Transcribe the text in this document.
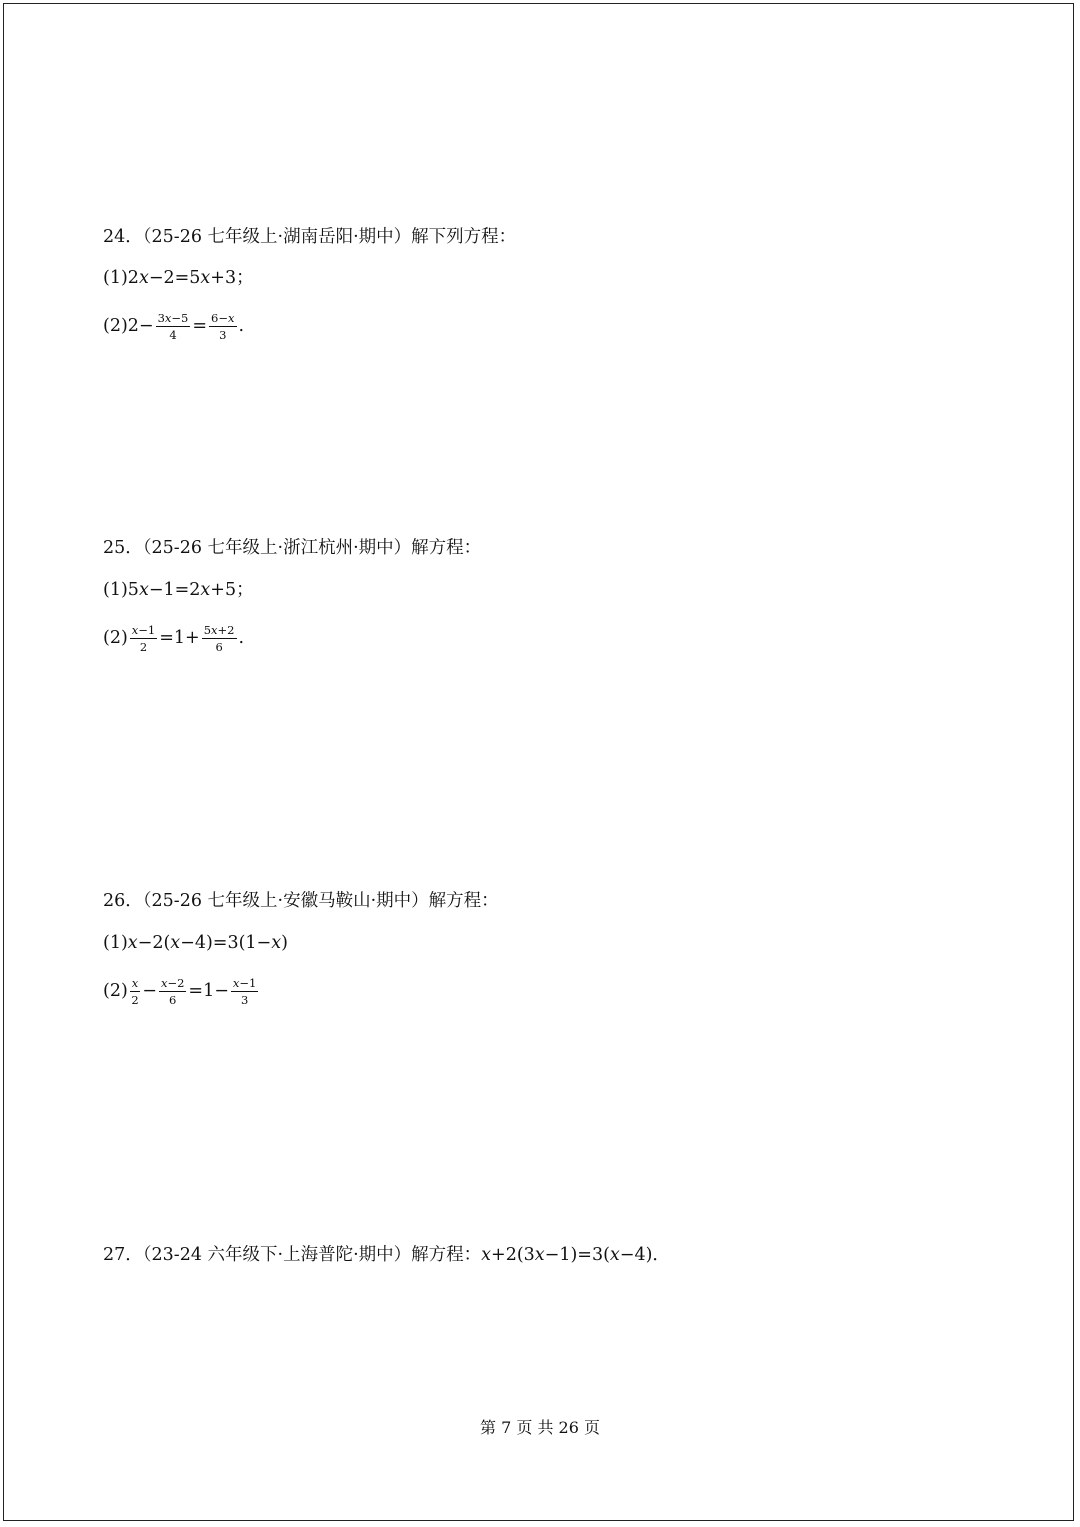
24．（25-26 七年级上·湖南岳阳·期中）解下列方程：
(1)2 x −2=5 x +3；
$(2)2- \frac{3x-5}{4} = \frac{6-x}{3}$ .
25．（25-26 七年级上·浙江杭州·期中）解方程：
(1)5 x −1=2 x +5；
$(2) \frac{x-1}{2} =1+ \frac{5x+2}{6}$ .
26．（25-26 七年级上·安徽马鞍山·期中）解方程：
(1) x −2( x −4)=3(1− x )
$(2) \frac{x}{2} - \frac{x-2}{6} =1- \frac{x-1}{3}$
27．（23-24 六年级下·上海普陀·期中）解方程： x +2(3 x −1)=3( x −4)．
第 7 页 共 26 页
